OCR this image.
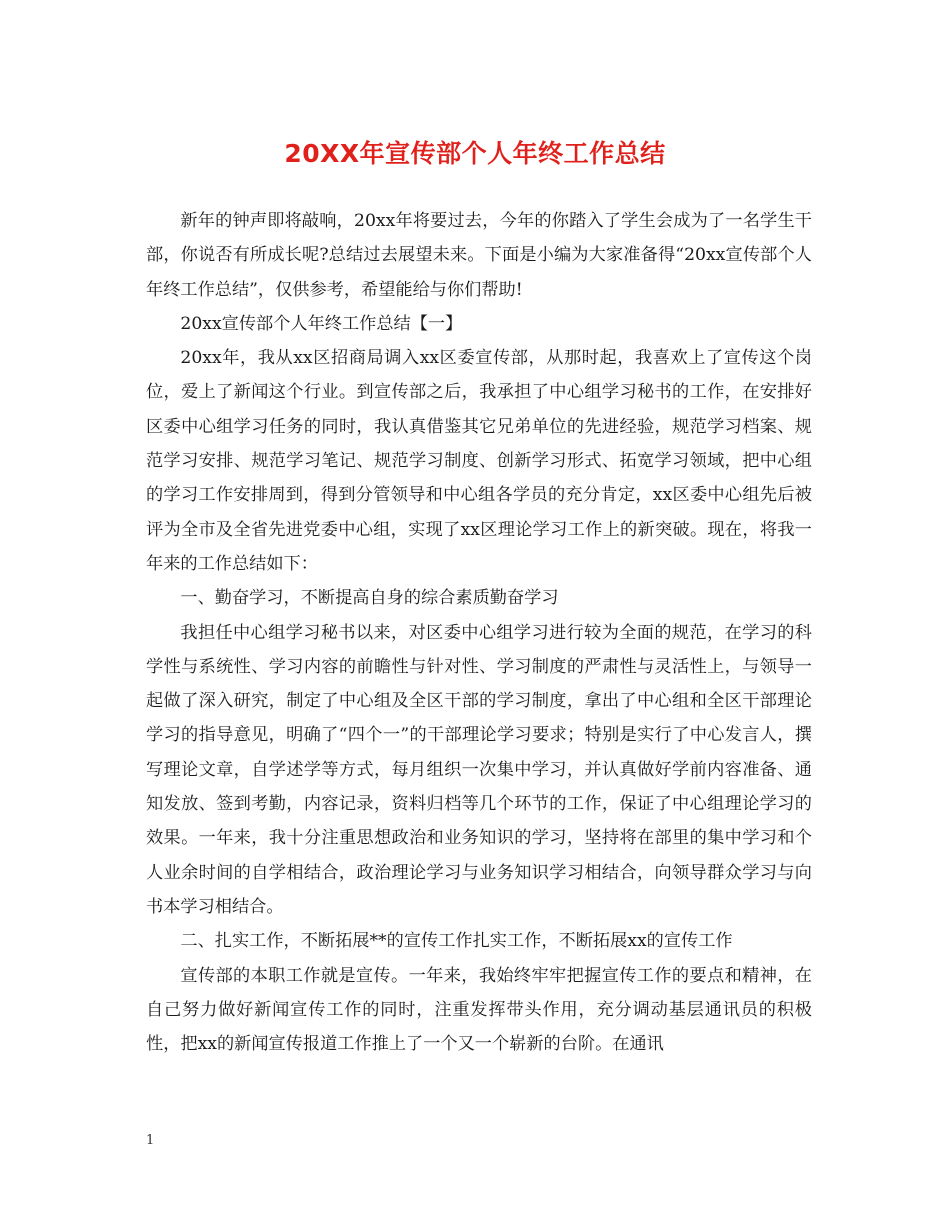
20XX年宣传部个人年终工作总结

新年的钟声即将敲响，20xx年将要过去，今年的你踏入了学生会成为了一名学生干部，你说否有所成长呢?总结过去展望未来。下面是小编为大家准备得“20xx宣传部个人年终工作总结”，仅供参考，希望能给与你们帮助!

20xx宣传部个人年终工作总结【一】

20xx年，我从xx区招商局调入xx区委宣传部，从那时起，我喜欢上了宣传这个岗位，爱上了新闻这个行业。到宣传部之后，我承担了中心组学习秘书的工作，在安排好区委中心组学习任务的同时，我认真借鉴其它兄弟单位的先进经验，规范学习档案、规范学习安排、规范学习笔记、规范学习制度、创新学习形式、拓宽学习领域，把中心组的学习工作安排周到，得到分管领导和中心组各学员的充分肯定，xx区委中心组先后被评为全市及全省先进党委中心组，实现了xx区理论学习工作上的新突破。现在，将我一年来的工作总结如下：

一、勤奋学习，不断提高自身的综合素质勤奋学习

我担任中心组学习秘书以来，对区委中心组学习进行较为全面的规范，在学习的科学性与系统性、学习内容的前瞻性与针对性、学习制度的严肃性与灵活性上，与领导一起做了深入研究，制定了中心组及全区干部的学习制度，拿出了中心组和全区干部理论学习的指导意见，明确了“四个一”的干部理论学习要求；特别是实行了中心发言人，撰写理论文章，自学述学等方式，每月组织一次集中学习，并认真做好学前内容准备、通知发放、签到考勤，内容记录，资料归档等几个环节的工作，保证了中心组理论学习的效果。一年来，我十分注重思想政治和业务知识的学习，坚持将在部里的集中学习和个人业余时间的自学相结合，政治理论学习与业务知识学习相结合，向领导群众学习与向书本学习相结合。

二、扎实工作，不断拓展**的宣传工作扎实工作，不断拓展xx的宣传工作

宣传部的本职工作就是宣传。一年来，我始终牢牢把握宣传工作的要点和精神，在自己努力做好新闻宣传工作的同时，注重发挥带头作用，充分调动基层通讯员的积极性，把xx的新闻宣传报道工作推上了一个又一个崭新的台阶。在通讯

1
